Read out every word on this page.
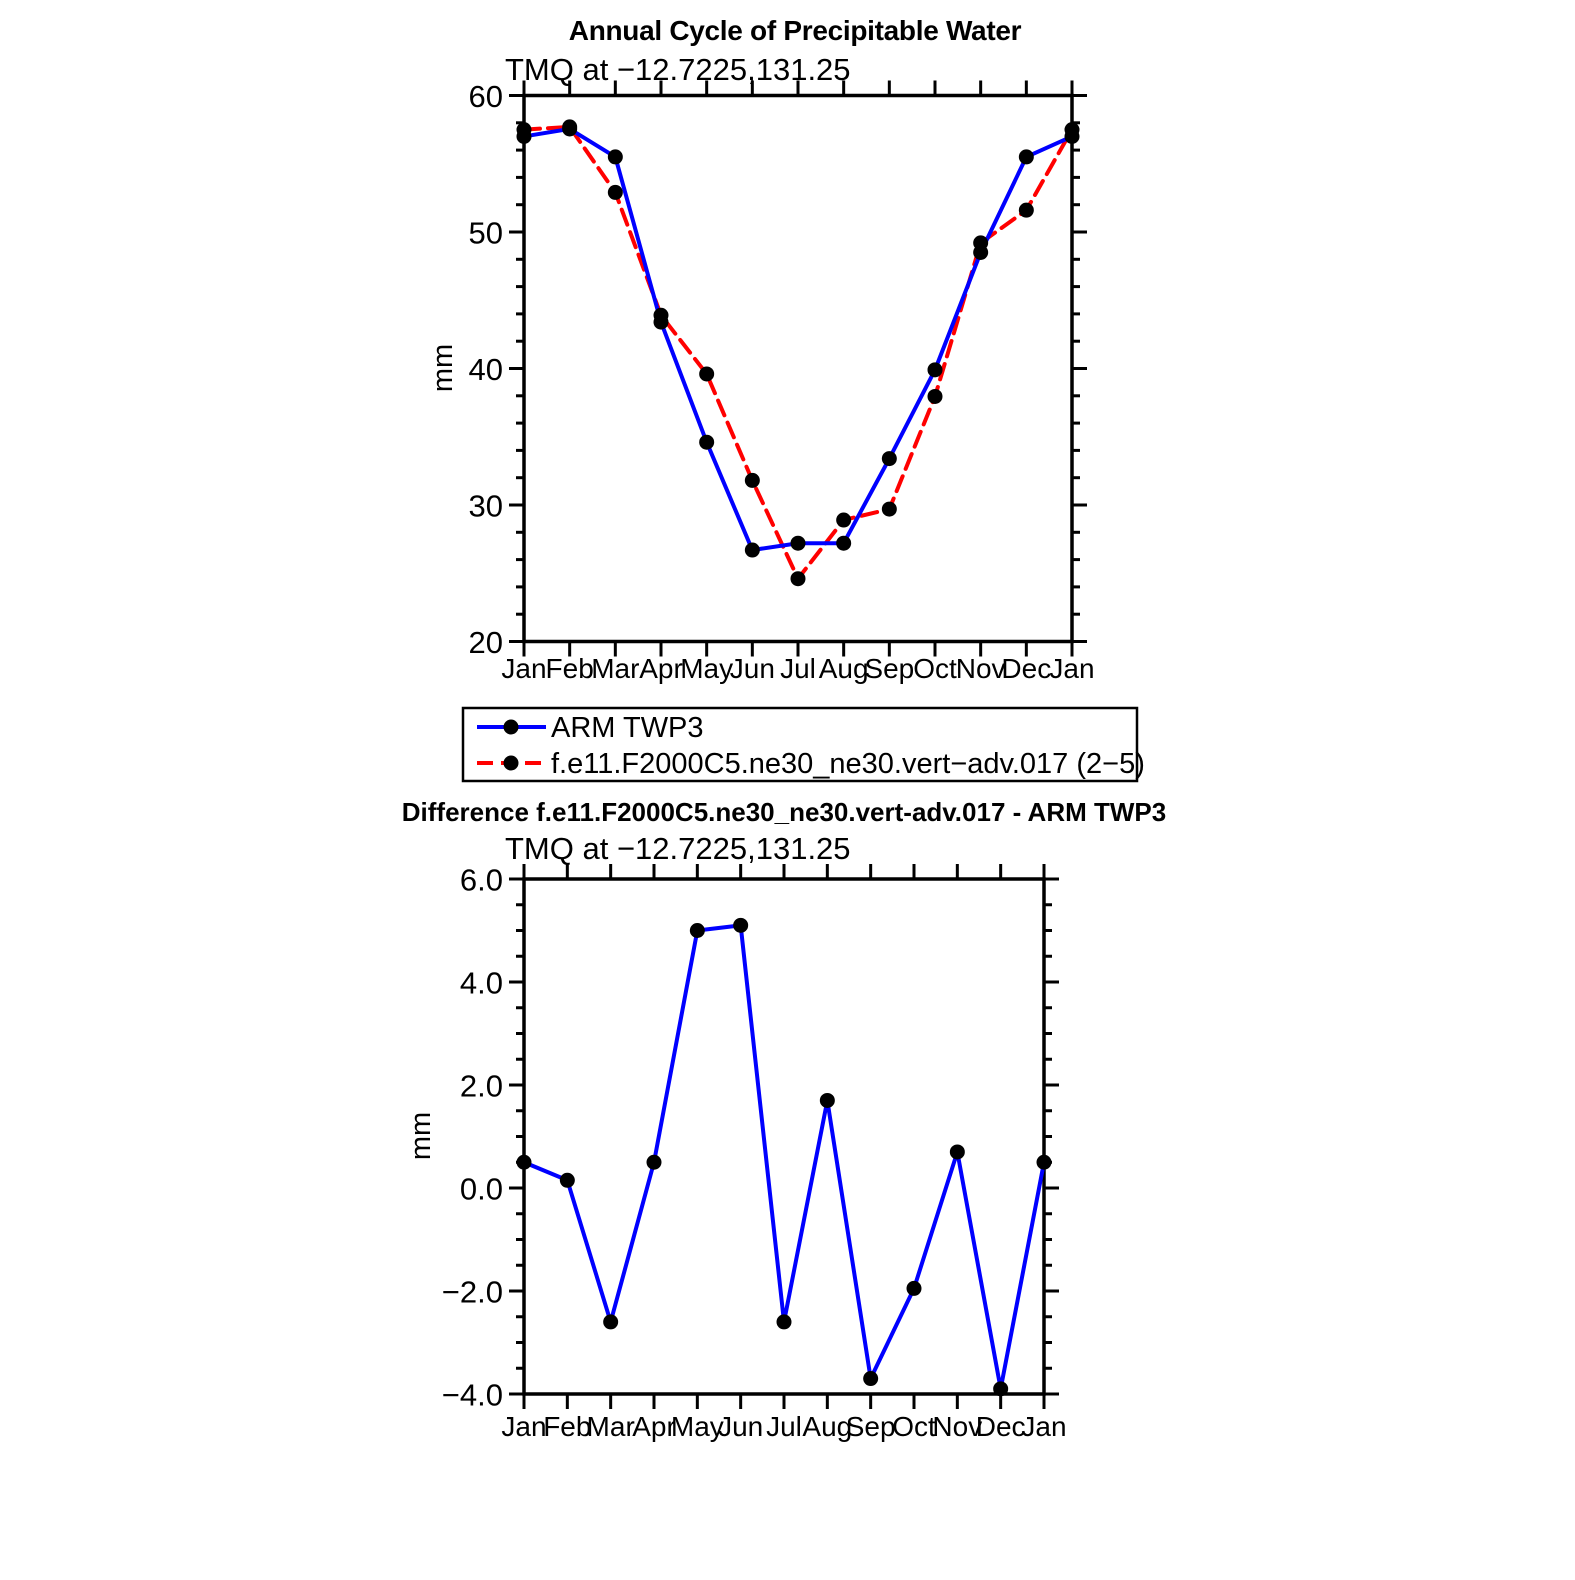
Annual Cycle of Precipitable Water
TMQ at −12.7225,131.25
mm
Difference f.e11.F2000C5.ne30_ne30.vert-adv.017 - ARM TWP3
TMQ at −12.7225,131.25
mm
ARM TWP3
f.e11.F2000C5.ne30_ne30.vert−adv.017 (2−5)
Jan
Feb
Mar Apr
May
Jun Jul Aug
Sep
Oct
Nov
Dec
Jan
20
30
40
50
60
Jan
Feb
Mar
Apr
May
Jun Jul Aug
Sep
Oct
Nov
Dec
Jan
−4.0
−2.0
0.0
2.0
4.0
6.0
